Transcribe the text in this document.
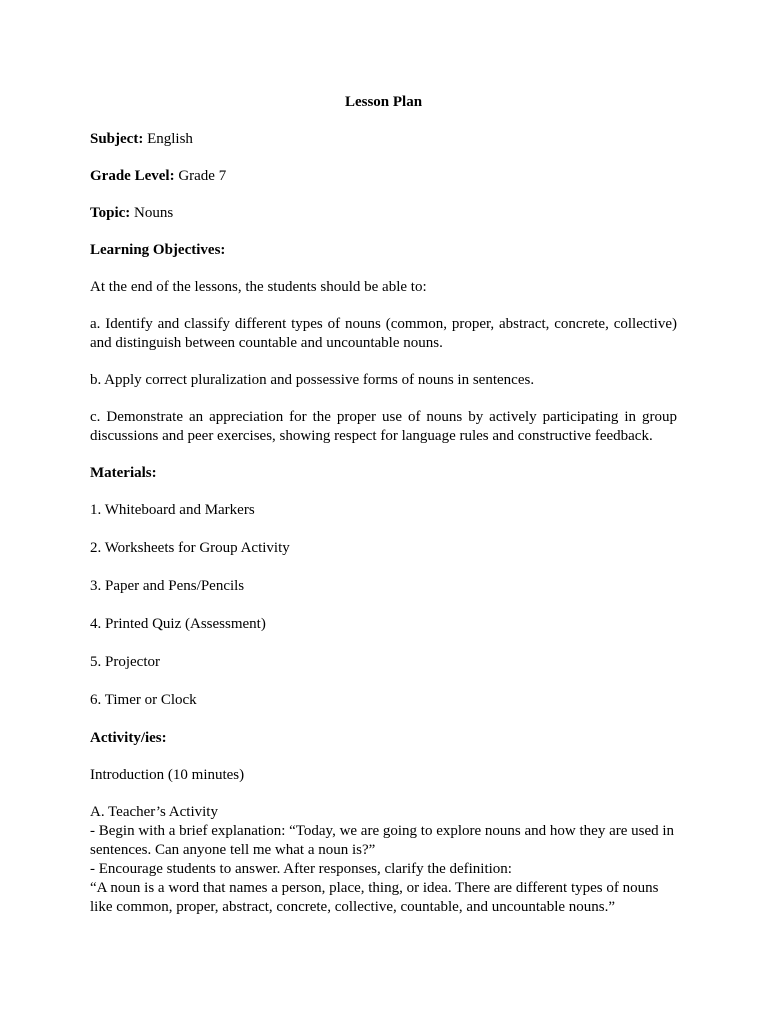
Lesson Plan
Subject: English
Grade Level: Grade 7
Topic: Nouns
Learning Objectives:
At the end of the lessons, the students should be able to:
a. Identify and classify different types of nouns (common, proper, abstract, concrete, collective) and distinguish between countable and uncountable nouns.
b. Apply correct pluralization and possessive forms of nouns in sentences.
c. Demonstrate an appreciation for the proper use of nouns by actively participating in group discussions and peer exercises, showing respect for language rules and constructive feedback.
Materials:
1. Whiteboard and Markers
2. Worksheets for Group Activity
3. Paper and Pens/Pencils
4. Printed Quiz (Assessment)
5. Projector
6. Timer or Clock
Activity/ies:
Introduction (10 minutes)
A. Teacher’s Activity
- Begin with a brief explanation: “Today, we are going to explore nouns and how they are used in sentences. Can anyone tell me what a noun is?”
- Encourage students to answer. After responses, clarify the definition:
“A noun is a word that names a person, place, thing, or idea. There are different types of nouns like common, proper, abstract, concrete, collective, countable, and uncountable nouns.”
